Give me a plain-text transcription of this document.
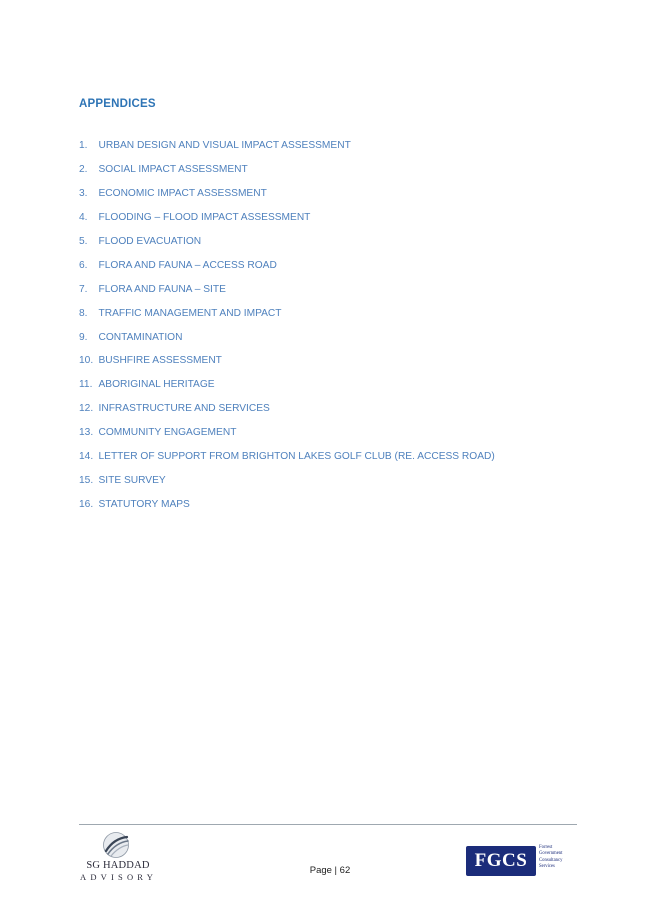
APPENDICES
1.	URBAN DESIGN AND VISUAL IMPACT ASSESSMENT
2.	SOCIAL IMPACT ASSESSMENT
3.	ECONOMIC IMPACT ASSESSMENT
4.	FLOODING – FLOOD IMPACT ASSESSMENT
5.	FLOOD EVACUATION
6.	FLORA AND FAUNA – ACCESS ROAD
7.	FLORA AND FAUNA – SITE
8.	TRAFFIC MANAGEMENT AND IMPACT
9.	CONTAMINATION
10. BUSHFIRE ASSESSMENT
11. ABORIGINAL HERITAGE
12. INFRASTRUCTURE AND SERVICES
13. COMMUNITY ENGAGEMENT
14. LETTER OF SUPPORT FROM BRIGHTON LAKES GOLF CLUB (RE. ACCESS ROAD)
15. SITE SURVEY
16. STATUTORY MAPS
SG HADDAD
ADVISORY
Page | 62	FGCS
Forrest
Government
Consultancy
Services
